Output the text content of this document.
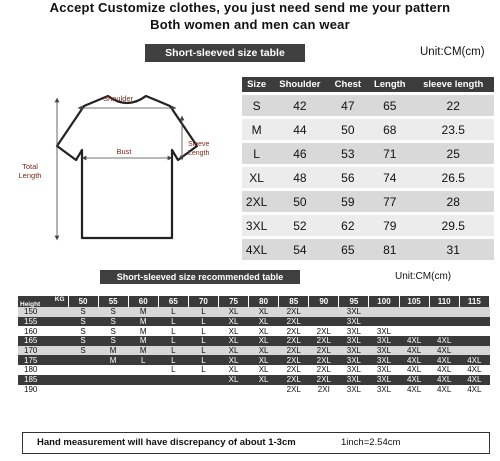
Accept Customize clothes, you just need send me your pattern
Both women and men can wear
Short-sleeved size table	Unit:CM(cm)
Shoulder
Bust
Sleeve
Length
Total
Length
Size	Shoulder	Chest	Length	sleeve length
S	42	47	65	22
M	44	50	68	23.5
L	46	53	71	25
XL	48	56	74	26.5
2XL	50	59	77	28
3XL	52	62	79	29.5
4XL	54	65	81	31
Short-sleeved size recommended table	Unit:CM(cm)
KG
Height	50	55	60	65	70	75	80	85	90	95	100	105	110	115
150	S	S	M	L	L	XL	XL	2XL		3XL				
155	S	S	M	L	L	XL	XL	2XL		3XL				
160	S	S	M	L	L	XL	XL	2XL	2XL	3XL	3XL			
165	S	S	M	L	L	XL	XL	2XL	2XL	3XL	3XL	4XL	4XL	
170	S	M	M	L	L	XL	XL	2XL	2XL	3XL	3XL	4XL	4XL	
175		M	L	L	L	XL	XL	2XL	2XL	3XL	3XL	4XL	4XL	4XL
180				L	L	XL	XL	2XL	2XL	3XL	3XL	4XL	4XL	4XL
185						XL	XL	2XL	2XL	3XL	3XL	4XL	4XL	4XL
190								2XL	2XI	3XL	3XL	4XL	4XL	4XL
Hand measurement will have discrepancy of about 1-3cm	1inch=2.54cm
